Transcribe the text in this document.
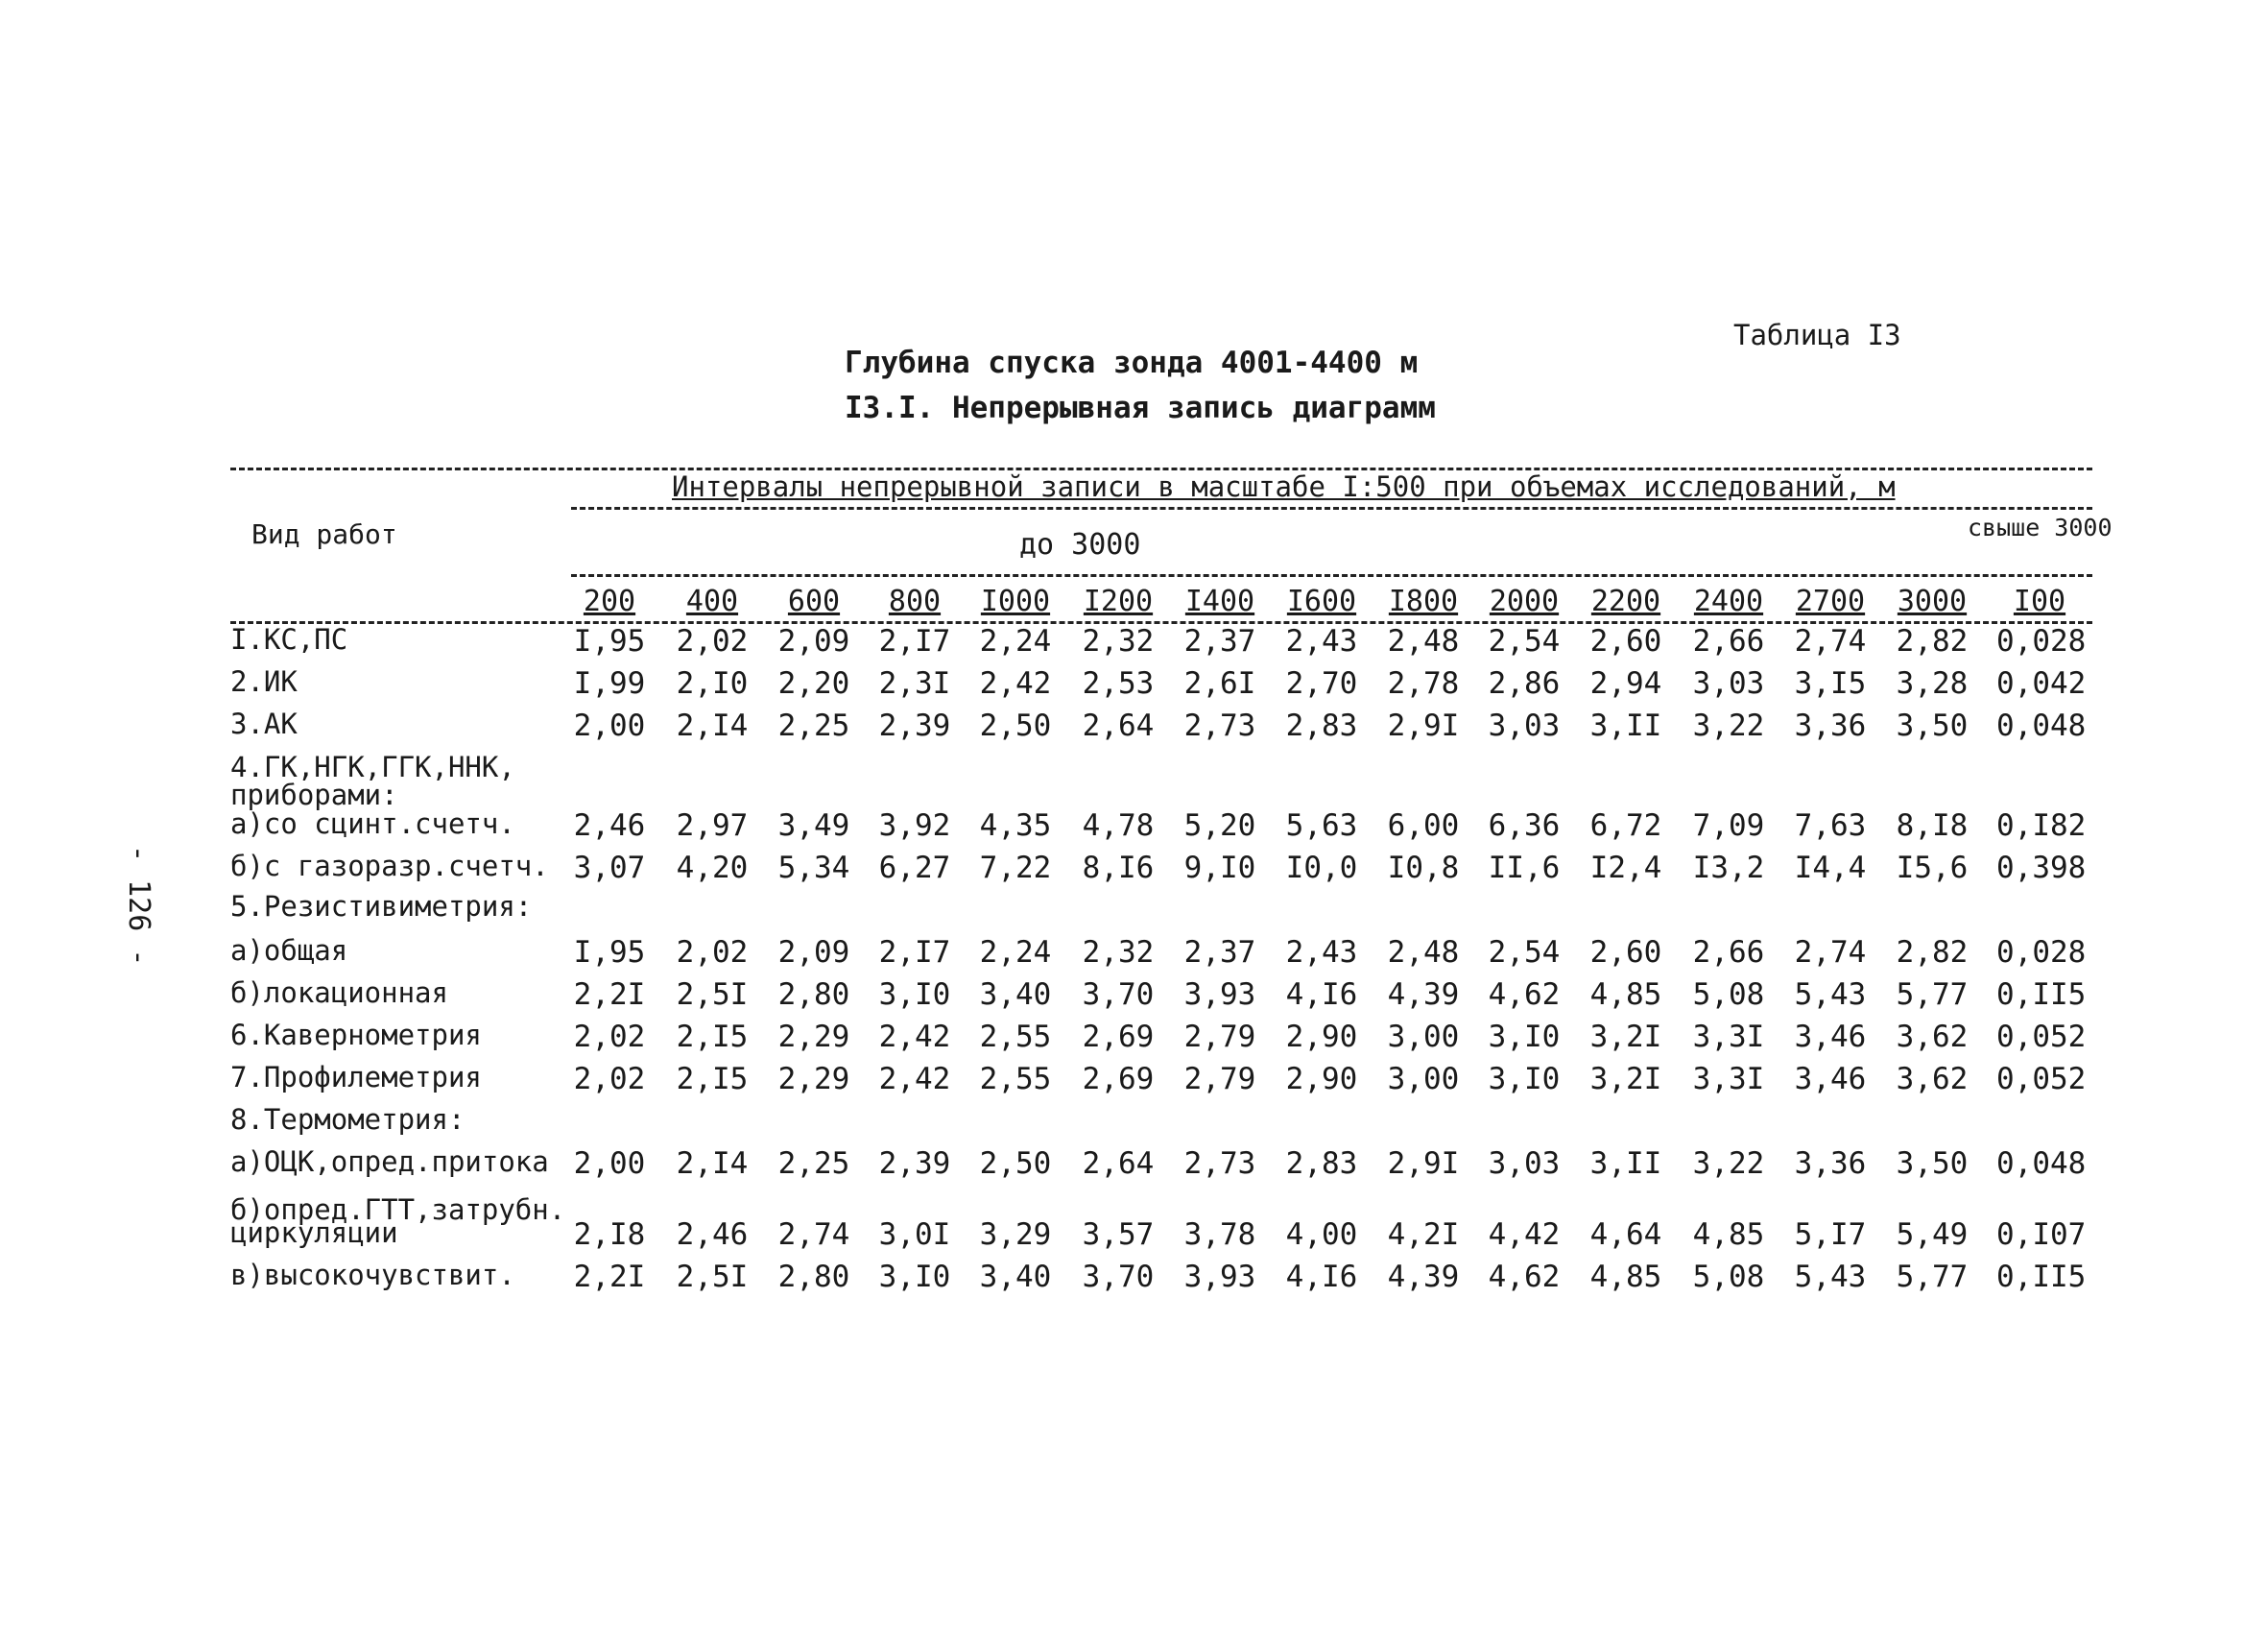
- 126 -
Таблица I3
Глубина спуска зонда 4001-4400 м
I3.I. Непрерывная запись диаграмм
Интервалы непрерывной записи в масштабе I:500 при объемах исследований, м
Вид работ	до 3000
свыше 3000
200	400	600	800	I000 I200 I400 I600 I800 2000 2200 2400 2700 3000	I00
I.КС,ПС	I,95 2,02 2,09 2,I7 2,24 2,32 2,37 2,43 2,48 2,54 2,60 2,66 2,74 2,82 0,028
2.ИК	I,99 2,I0 2,20 2,3I 2,42 2,53 2,6I 2,70 2,78 2,86 2,94 3,03 3,I5 3,28 0,042
3.АК	2,00 2,I4 2,25 2,39 2,50 2,64 2,73 2,83 2,9I 3,03 3,II 3,22 3,36 3,50 0,048
4.ГК,НГК,ГГК,ННК,
приборами:
а)со сцинт.счетч. 2,46 2,97 3,49 3,92 4,35 4,78 5,20 5,63 6,00 6,36 6,72 7,09 7,63 8,I8 0,I82
б)с газоразр.счетч. 3,07 4,20 5,34 6,27 7,22 8,I6 9,I0 I0,0 I0,8 II,6 I2,4 I3,2 I4,4 I5,6 0,398
5.Резистивиметрия:
а)общая	I,95 2,02 2,09 2,I7 2,24 2,32 2,37 2,43 2,48 2,54 2,60 2,66 2,74 2,82 0,028
б)локационная	2,2I 2,5I 2,80 3,I0 3,40 3,70 3,93 4,I6 4,39 4,62 4,85 5,08 5,43 5,77 0,II5
6.Кавернометрия	2,02 2,I5 2,29 2,42 2,55 2,69 2,79 2,90 3,00 3,I0 3,2I 3,3I 3,46 3,62 0,052
7.Профилеметрия	2,02 2,I5 2,29 2,42 2,55 2,69 2,79 2,90 3,00 3,I0 3,2I 3,3I 3,46 3,62 0,052
8.Термометрия:
а)ОЦК,опред.притока 2,00 2,I4 2,25 2,39 2,50 2,64 2,73 2,83 2,9I 3,03 3,II 3,22 3,36 3,50 0,048
б)опред.ГТТ,затрубн.
циркуляции	2,I8 2,46 2,74 3,0I 3,29 3,57 3,78 4,00 4,2I 4,42 4,64 4,85 5,I7 5,49 0,I07
в)высокочувствит. 2,2I 2,5I 2,80 3,I0 3,40 3,70 3,93 4,I6 4,39 4,62 4,85 5,08 5,43 5,77 0,II5
